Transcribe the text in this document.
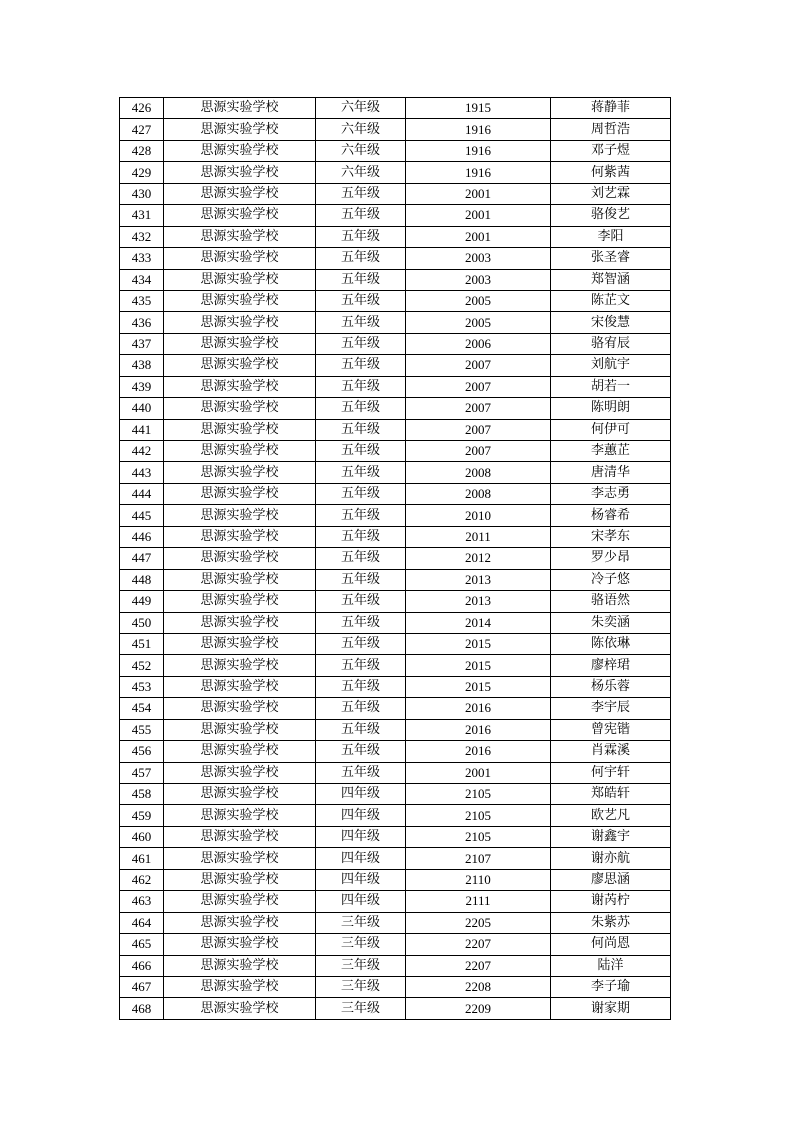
426	思源实验学校	六年级	1915	蒋静菲
427	思源实验学校	六年级	1916	周哲浩
428	思源实验学校	六年级	1916	邓子煜
429	思源实验学校	六年级	1916	何紫茜
430	思源实验学校	五年级	2001	刘艺霖
431	思源实验学校	五年级	2001	骆俊艺
432	思源实验学校	五年级	2001	李阳
433	思源实验学校	五年级	2003	张圣睿
434	思源实验学校	五年级	2003	郑智涵
435	思源实验学校	五年级	2005	陈芷文
436	思源实验学校	五年级	2005	宋俊慧
437	思源实验学校	五年级	2006	骆宥辰
438	思源实验学校	五年级	2007	刘航宇
439	思源实验学校	五年级	2007	胡若一
440	思源实验学校	五年级	2007	陈明朗
441	思源实验学校	五年级	2007	何伊可
442	思源实验学校	五年级	2007	李蕙芷
443	思源实验学校	五年级	2008	唐清华
444	思源实验学校	五年级	2008	李志勇
445	思源实验学校	五年级	2010	杨睿希
446	思源实验学校	五年级	2011	宋孝东
447	思源实验学校	五年级	2012	罗少昂
448	思源实验学校	五年级	2013	冷子悠
449	思源实验学校	五年级	2013	骆语然
450	思源实验学校	五年级	2014	朱奕涵
451	思源实验学校	五年级	2015	陈依琳
452	思源实验学校	五年级	2015	廖梓珺
453	思源实验学校	五年级	2015	杨乐蓉
454	思源实验学校	五年级	2016	李宇辰
455	思源实验学校	五年级	2016	曾宪锴
456	思源实验学校	五年级	2016	肖霖溪
457	思源实验学校	五年级	2001	何宇轩
458	思源实验学校	四年级	2105	郑皓轩
459	思源实验学校	四年级	2105	欧艺凡
460	思源实验学校	四年级	2105	谢鑫宇
461	思源实验学校	四年级	2107	谢亦航
462	思源实验学校	四年级	2110	廖思涵
463	思源实验学校	四年级	2111	谢芮柠
464	思源实验学校	三年级	2205	朱紫苏
465	思源实验学校	三年级	2207	何尚恩
466	思源实验学校	三年级	2207	陆洋
467	思源实验学校	三年级	2208	李子瑜
468	思源实验学校	三年级	2209	谢家期
